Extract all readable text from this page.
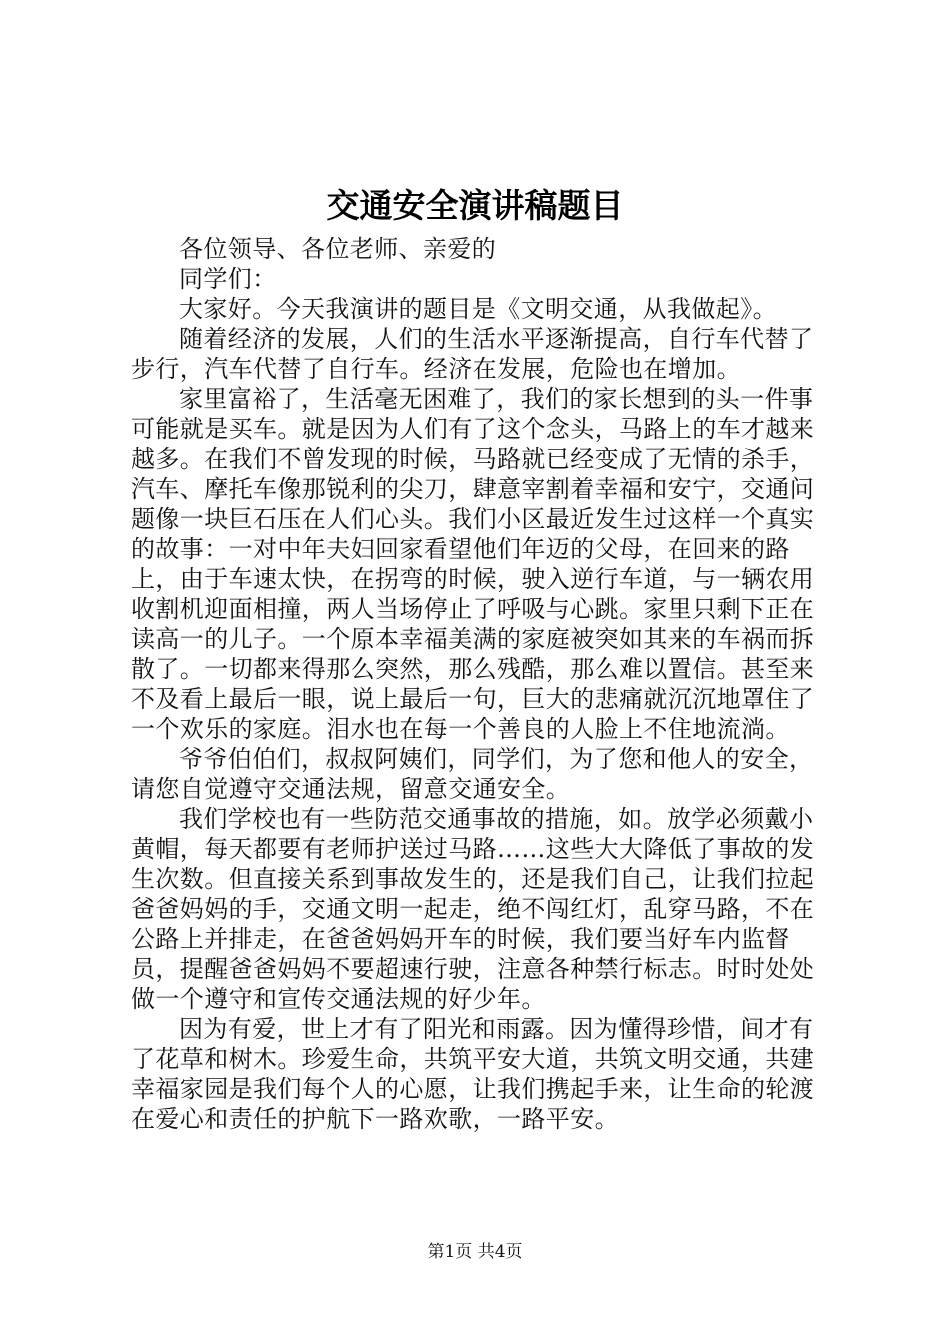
交通安全演讲稿题目

各位领导、各位老师、亲爱的

同学们：

大家好。今天我演讲的题目是《文明交通，从我做起》。

随着经济的发展，人们的生活水平逐渐提高，自行车代替了步行，汽车代替了自行车。经济在发展，危险也在增加。

家里富裕了，生活毫无困难了，我们的家长想到的头一件事可能就是买车。就是因为人们有了这个念头，马路上的车才越来越多。在我们不曾发现的时候，马路就已经变成了无情的杀手，汽车、摩托车像那锐利的尖刀，肆意宰割着幸福和安宁，交通问题像一块巨石压在人们心头。我们小区最近发生过这样一个真实的故事：一对中年夫妇回家看望他们年迈的父母，在回来的路上，由于车速太快，在拐弯的时候，驶入逆行车道，与一辆农用收割机迎面相撞，两人当场停止了呼吸与心跳。家里只剩下正在读高一的儿子。一个原本幸福美满的家庭被突如其来的车祸而拆散了。一切都来得那么突然，那么残酷，那么难以置信。甚至来不及看上最后一眼，说上最后一句，巨大的悲痛就沉沉地罩住了一个欢乐的家庭。泪水也在每一个善良的人脸上不住地流淌。

爷爷伯伯们，叔叔阿姨们，同学们，为了您和他人的安全，请您自觉遵守交通法规，留意交通安全。

我们学校也有一些防范交通事故的措施，如。放学必须戴小黄帽，每天都要有老师护送过马路……这些大大降低了事故的发生次数。但直接关系到事故发生的，还是我们自己，让我们拉起爸爸妈妈的手，交通文明一起走，绝不闯红灯，乱穿马路，不在公路上并排走，在爸爸妈妈开车的时候，我们要当好车内监督员，提醒爸爸妈妈不要超速行驶，注意各种禁行标志。时时处处做一个遵守和宣传交通法规的好少年。

因为有爱，世上才有了阳光和雨露。因为懂得珍惜，间才有了花草和树木。珍爱生命，共筑平安大道，共筑文明交通，共建幸福家园是我们每个人的心愿，让我们携起手来，让生命的轮渡在爱心和责任的护航下一路欢歌，一路平安。

第1页 共4页
